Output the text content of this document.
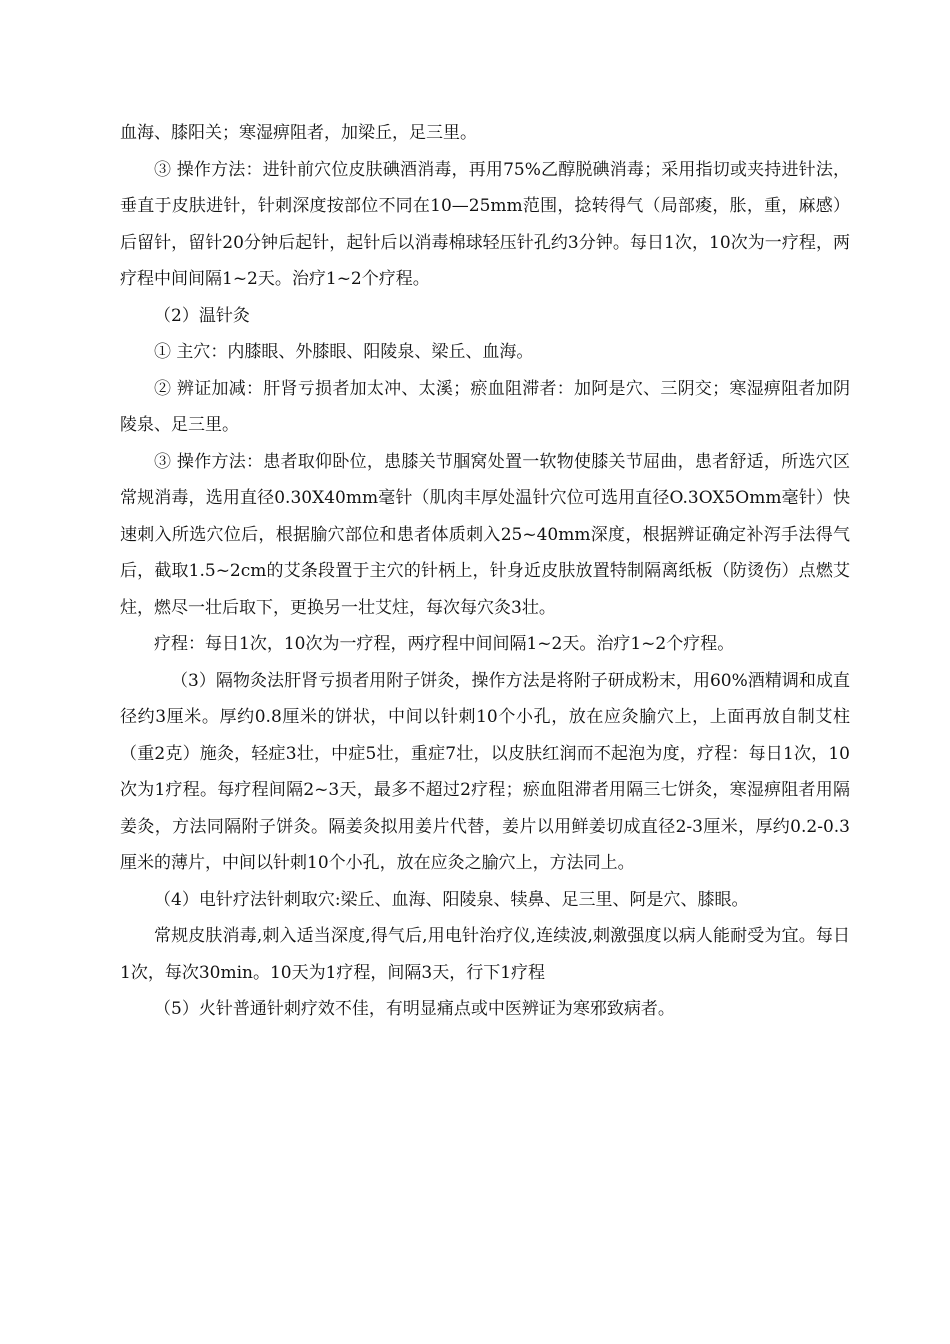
血海、膝阳关；寒湿痹阻者，加梁丘，足三里。

③ 操作方法：进针前穴位皮肤碘酒消毒，再用75%乙醇脱碘消毒；采用指切或夹持进针法，垂直于皮肤进针，针刺深度按部位不同在10—25mm范围，捻转得气（局部痠，胀，重，麻感）后留针，留针20分钟后起针，起针后以消毒棉球轻压针孔约3分钟。每日1次，10次为一疗程，两疗程中间间隔1~2天。治疗1~2个疗程。

（2）温针灸

① 主穴：内膝眼、外膝眼、阳陵泉、梁丘、血海。

② 辨证加减：肝肾亏损者加太冲、太溪；瘀血阻滞者：加阿是穴、三阴交；寒湿痹阻者加阴陵泉、足三里。

③ 操作方法：患者取仰卧位，患膝关节腘窝处置一软物使膝关节屈曲，患者舒适，所选穴区常规消毒，选用直径0.30X40mm毫针（肌肉丰厚处温针穴位可选用直径O.3OX5Omm毫针）快速刺入所选穴位后，根据腧穴部位和患者体质刺入25~40mm深度，根据辨证确定补泻手法得气后，截取1.5~2cm的艾条段置于主穴的针柄上，针身近皮肤放置特制隔离纸板（防烫伤）点燃艾炷，燃尽一壮后取下，更换另一壮艾炷，每次每穴灸3壮。

疗程：每日1次，10次为一疗程，两疗程中间间隔1~2天。治疗1~2个疗程。

（3）隔物灸法肝肾亏损者用附子饼灸，操作方法是将附子研成粉末，用60%酒精调和成直径约3厘米。厚约0.8厘米的饼状，中间以针刺10个小孔，放在应灸腧穴上，上面再放自制艾柱（重2克）施灸，轻症3壮，中症5壮，重症7壮，以皮肤红润而不起泡为度，疗程：每日1次，10次为1疗程。每疗程间隔2~3天，最多不超过2疗程；瘀血阻滞者用隔三七饼灸，寒湿痹阻者用隔姜灸，方法同隔附子饼灸。隔姜灸拟用姜片代替，姜片以用鲜姜切成直径2-3厘米，厚约0.2-0.3厘米的薄片，中间以针刺10个小孔，放在应灸之腧穴上，方法同上。

（4）电针疗法针刺取穴:梁丘、血海、阳陵泉、犊鼻、足三里、阿是穴、膝眼。

常规皮肤消毒,刺入适当深度,得气后,用电针治疗仪,连续波,刺激强度以病人能耐受为宜。每日1次，每次30min。10天为1疗程，间隔3天，行下1疗程

（5）火针普通针刺疗效不佳，有明显痛点或中医辨证为寒邪致病者。
